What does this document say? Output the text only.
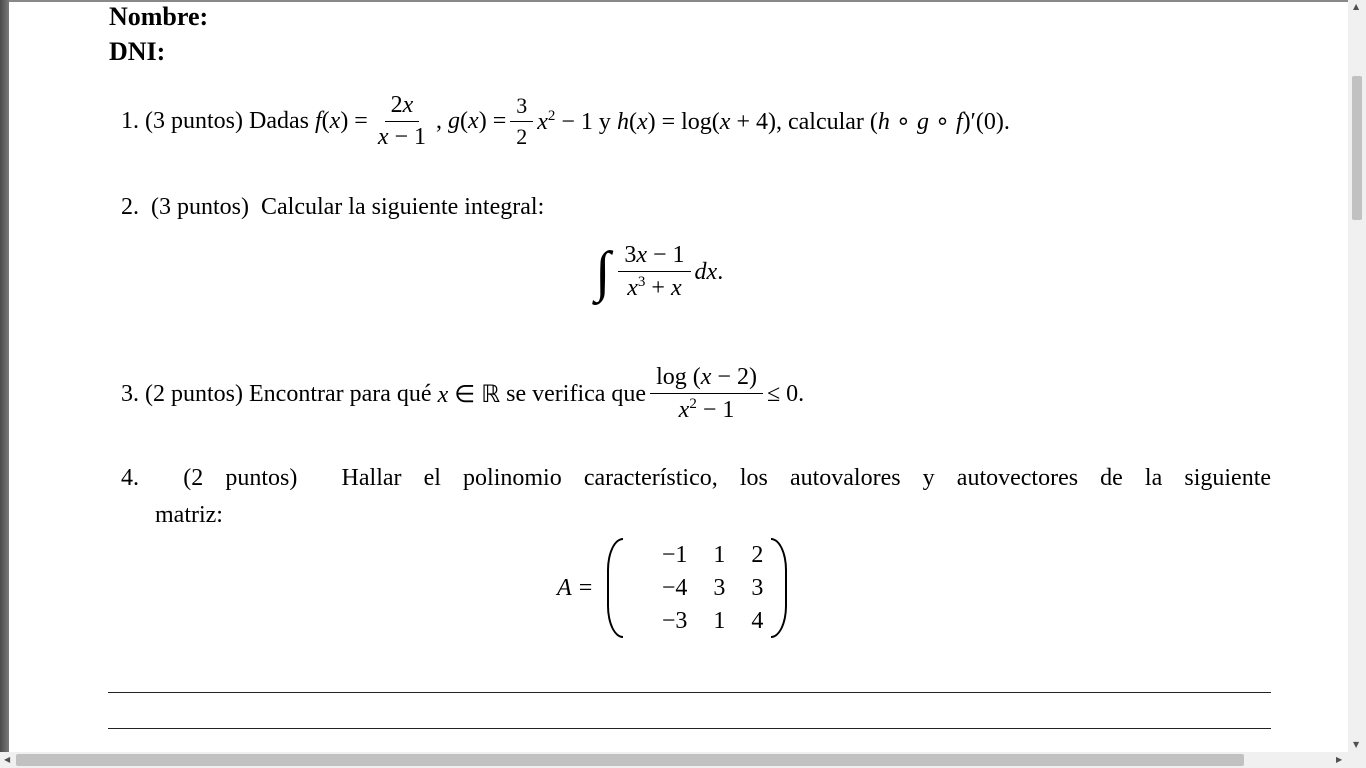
Nombre:
DNI:
1.
(3 puntos)
Dadas
$f(x) = \frac{2x}{x - 1}$ , $g(x) = \frac{3}{2} x^2 - 1$ y h(x) = log(x + 4), calcular (h ∘ g ∘ f)′(0).
2. (3 puntos) Calcular la siguiente integral:
∫ $\frac{3x - 1}{x^3 + x}$ dx.
3.
(2 puntos)
Encontrar para qué
x ∈ ℝ
se verifica que $\frac{\log (x - 2)}{x^2 - 1} \le 0$.
4. (2 puntos) Hallar el polinomio característico, los autovalores y autovectores de la siguiente
matriz:
A =
−1	1	2
−4	3	3
−3	1	4
▲
▼
◀	▶
